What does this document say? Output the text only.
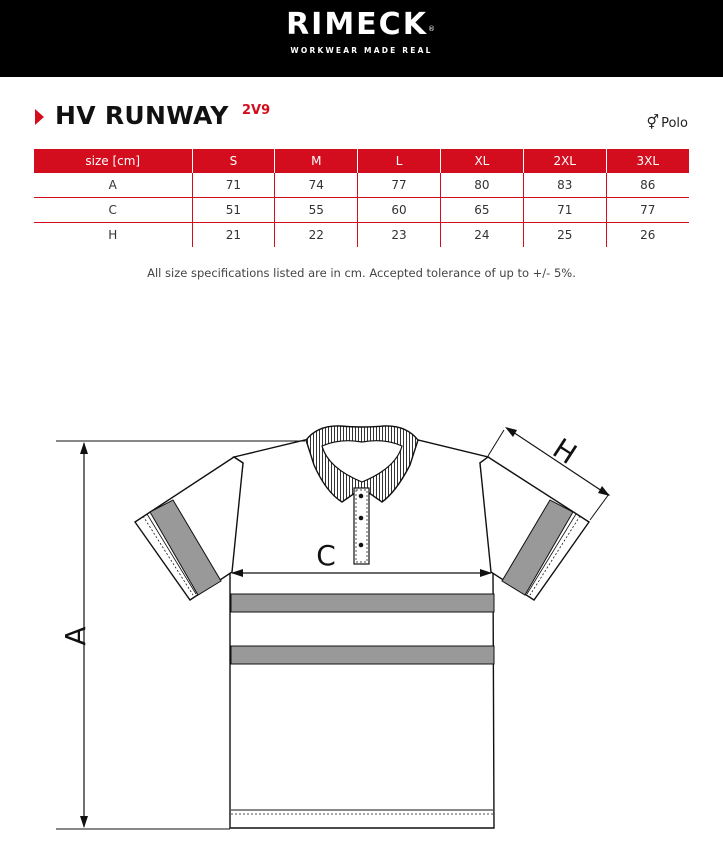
RIMECK®
WORKWEAR MADE REAL
HV RUNWAY 2V9
⚥ Polo
size [cm]	S	M	L	XL	2XL	3XL
A	71	74	77	80	83	86
C	51	55	60	65	71	77
H	21	22	23	24	25	26
All size specifications listed are in cm. Accepted tolerance of up to +/- 5%.
A
C
H
